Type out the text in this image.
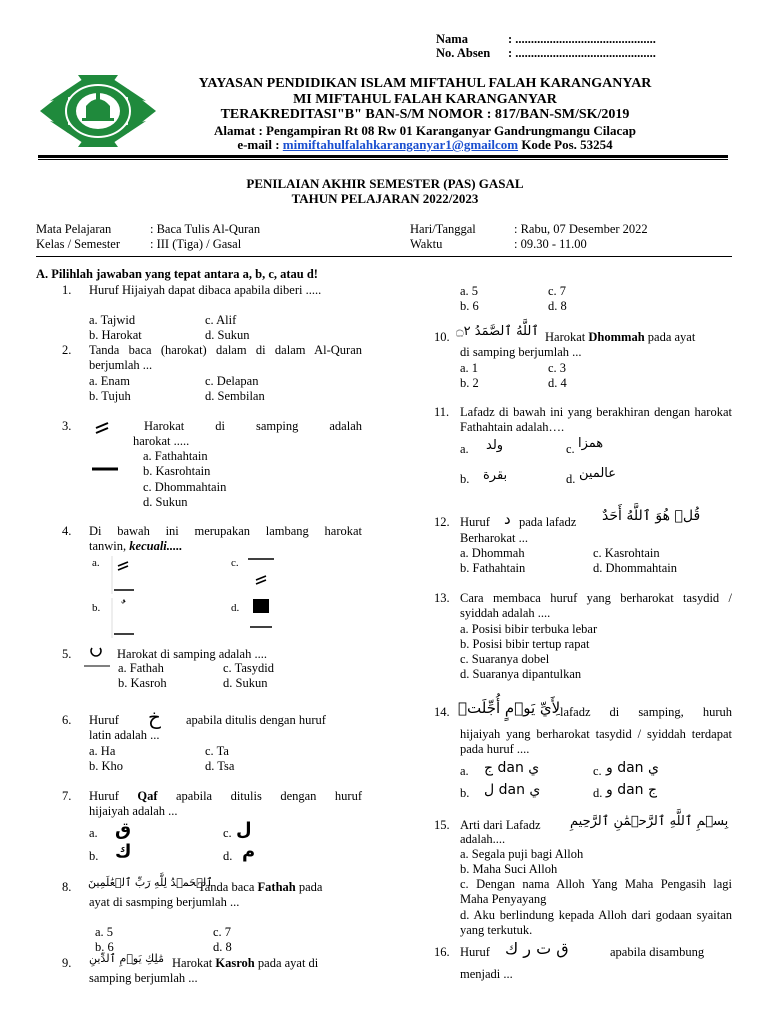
Nama	: .............................................
No. Absen : .............................................
YAYASAN PENDIDIKAN ISLAM MIFTAHUL FALAH KARANGANYAR
MI MIFTAHUL FALAH KARANGANYAR
TERAKREDITASI"B" BAN-S/M NOMOR : 817/BAN-SM/SK/2019
Alamat : Pengampiran Rt 08 Rw 01 Karanganyar Gandrungmangu Cilacap
e-mail : mimiftahulfalahkaranganyar1@gmailcom Kode Pos. 53254
PENILAIAN AKHIR SEMESTER (PAS) GASAL
TAHUN PELAJARAN 2022/2023
Mata Pelajaran	: Baca Tulis Al-Quran
Kelas / Semester : III (Tiga) / Gasal
Hari/Tanggal	: Rabu, 07 Desember 2022
Waktu	: 09.30 - 11.00
A. Pilihlah jawaban yang tepat antara a, b, c, atau d!
1. Huruf Hijaiyah dapat dibaca apabila diberi .....
a. Tajwid
b. Harokat
c. Alif
d. Sukun
2. Tanda baca (harokat) dalam di dalam Al-Quran berjumlah ...
a. Enam
b. Tujuh
c. Delapan
d. Sembilan
3.	Harokat di samping adalah
harokat .....
a. Fathahtain
b. Kasrohtain
c. Dhommahtain
d. Sukun
4. Di bawah ini merupakan lambang harokat
tanwin, kecuali.....
a.
b.
c.
d.
5.	Harokat di samping adalah ....
a. Fathah
b. Kasroh
c. Tasydid
d. Sukun
6. Huruf خ apabila ditulis dengan huruf
latin adalah ...
a. Ha
b. Kho
c. Ta
d. Tsa
7. Huruf Qaf apabila ditulis dengan huruf
hijaiyah adalah ...
a. ق
b. ك
c. ل
d. م
8. ٱلۡحَمۡدُ لِلَّهِ رَبِّ ٱلۡعَٰلَمِينَ
Tanda baca Fathah pada
ayat di sasmping berjumlah ...
a. 5
b. 6
c. 7
d. 8
9. مَٰلِكِ يَوۡمِ ٱلدِّينِ Harokat Kasroh pada ayat di
samping berjumlah ...
a. 5
b. 6
c. 7
d. 8
10. ٱللَّهُ ٱلصَّمَدُ ۝٢ Harokat Dhommah pada ayat
di samping berjumlah ...
a. 1
b. 2
c. 3
d. 4
11. Lafadz di bawah ini yang berakhiran dengan harokat Fathahtain adalah….
a. ولد
b. بقرة
c. همزا
d. عالمين
12. Huruf د pada lafadz قُلۡ هُوَ ٱللَّهُ أَحَدٌ
Berharokat ...
a. Dhommah
b. Fathahtain
c. Kasrohtain
d. Dhommahtain
13. Cara membaca huruf yang berharokat tasydid / syiddah adalah ....
a. Posisi bibir terbuka lebar
b. Posisi bibir tertup rapat
c. Suaranya dobel
d. Suaranya dipantulkan
14. لِأَيِّ يَوۡمٍ أُجِّلَتۡ lafadz di samping, huruh
hijaiyah yang berharokat tasydid / syiddah terdapat pada huruf ....
a. ج dan ي
b. ل dan ي
c. و dan ي
d. و dan ج
15. Arti dari Lafadz بِسۡمِ ٱللَّهِ ٱلرَّحۡمَٰنِ ٱلرَّحِيمِ
adalah....
a. Segala puji bagi Alloh
b. Maha Suci Alloh
c. Dengan nama Alloh Yang Maha Pengasih lagi Maha Penyayang
d. Aku berlindung kepada Alloh dari godaan syaitan yang terkutuk.
16. Huruf ق ت ر ك	apabila disambung
menjadi ...
